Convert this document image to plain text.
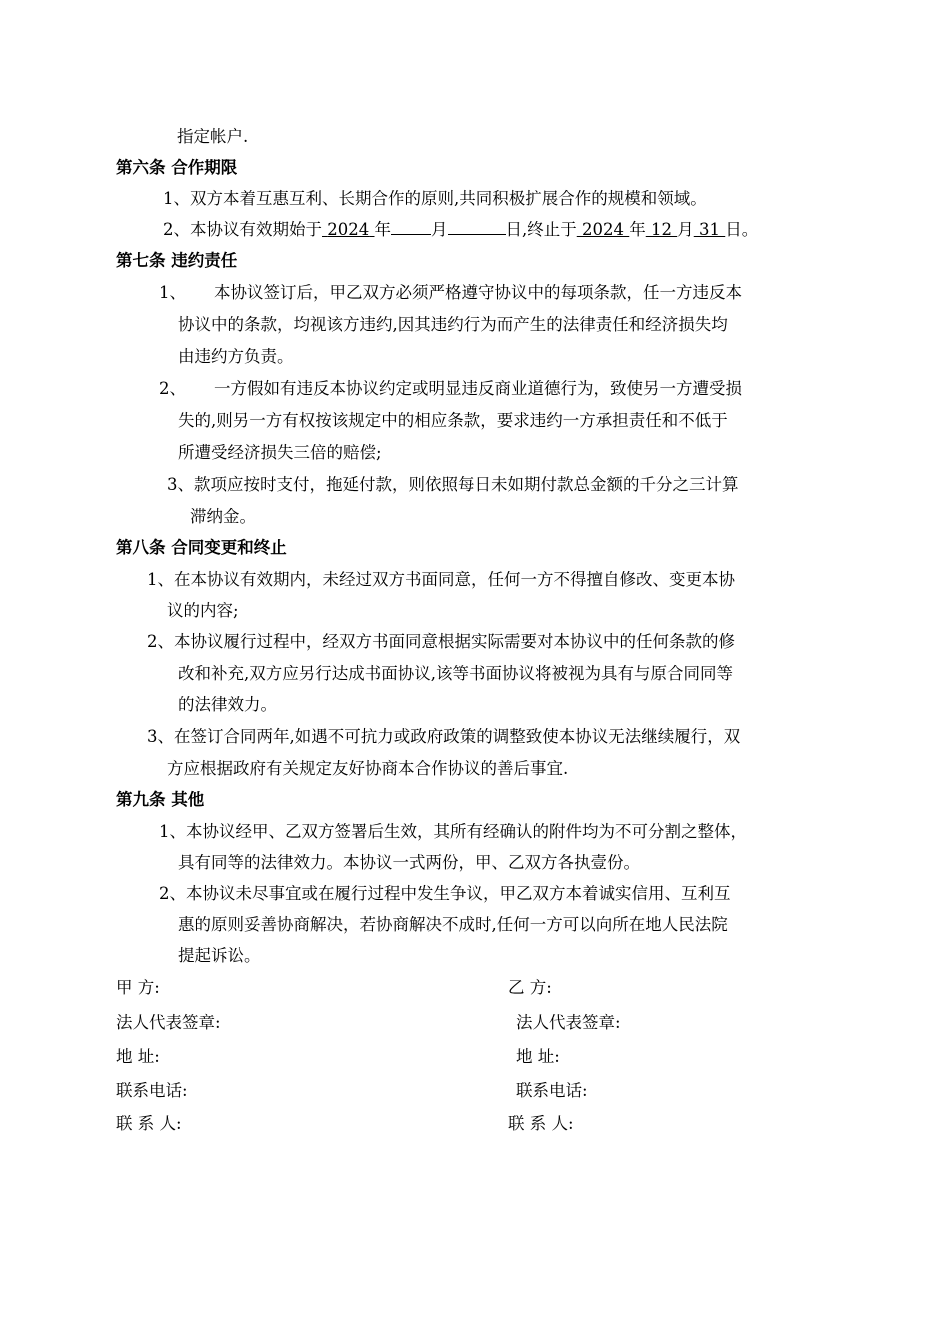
指定帐户.
第六条 合作期限
1、双方本着互惠互利、长期合作的原则,共同积极扩展合作的规模和领域。
2、本协议有效期始于 2024 年 月	日,终止于 2024 年 12 月 31 日。
第七条 违约责任
1、 本协议签订后，甲乙双方必须严格遵守协议中的每项条款，任一方违反本
协议中的条款，均视该方违约,因其违约行为而产生的法律责任和经济损失均
由违约方负责。
2、 一方假如有违反本协议约定或明显违反商业道德行为，致使另一方遭受损
失的,则另一方有权按该规定中的相应条款，要求违约一方承担责任和不低于
所遭受经济损失三倍的赔偿;
3、款项应按时支付，拖延付款，则依照每日未如期付款总金额的千分之三计算
滞纳金。
第八条 合同变更和终止
1、在本协议有效期内，未经过双方书面同意，任何一方不得擅自修改、变更本协
议的内容;
2、本协议履行过程中，经双方书面同意根据实际需要对本协议中的任何条款的修
改和补充,双方应另行达成书面协议,该等书面协议将被视为具有与原合同同等
的法律效力。
3、在签订合同两年,如遇不可抗力或政府政策的调整致使本协议无法继续履行，双
方应根据政府有关规定友好协商本合作协议的善后事宜.
第九条 其他
1、本协议经甲、乙双方签署后生效，其所有经确认的附件均为不可分割之整体，
具有同等的法律效力。本协议一式两份，甲、乙双方各执壹份。
2、本协议未尽事宜或在履行过程中发生争议，甲乙双方本着诚实信用、互利互
惠的原则妥善协商解决，若协商解决不成时,任何一方可以向所在地人民法院
提起诉讼。
甲 方:	乙 方:
法人代表签章:	法人代表签章:
地 址:	地 址:
联系电话:	联系电话:
联 系 人:	联 系 人:
